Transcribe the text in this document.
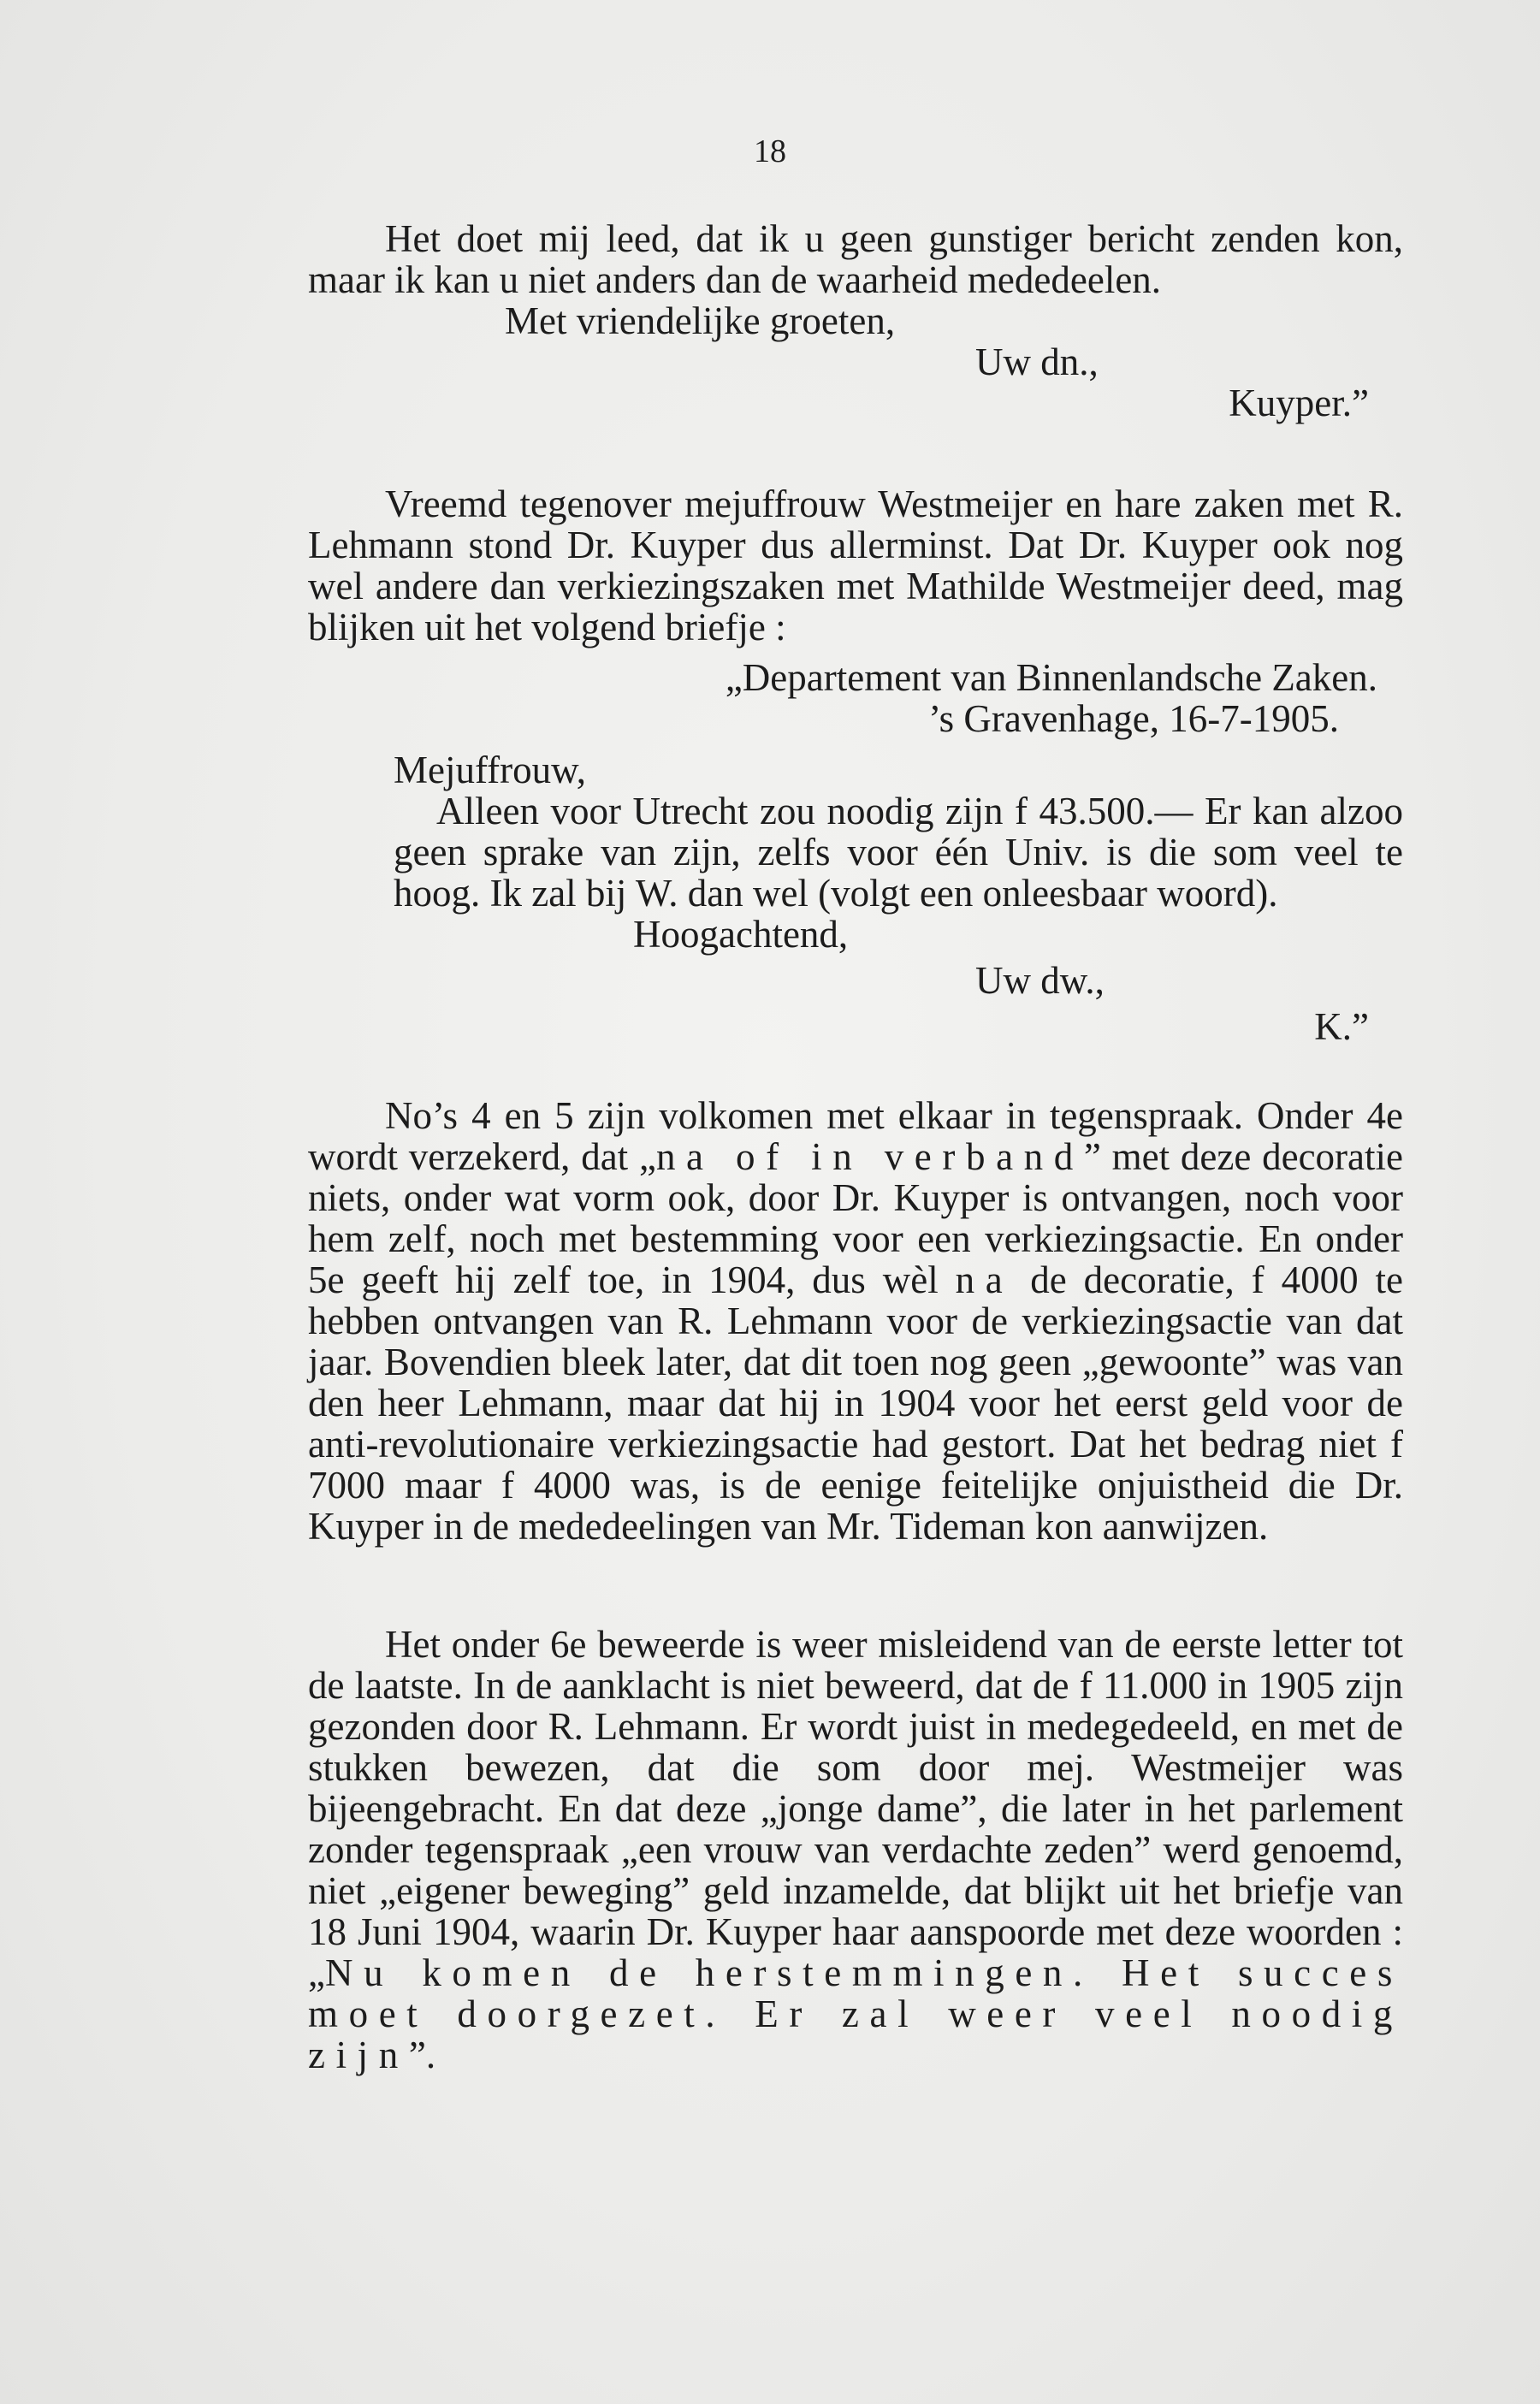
18

Het doet mij leed, dat ik u geen gunstiger bericht zenden kon, maar ik kan u niet anders dan de waarheid mededeelen.

Met vriendelijke groeten,
Uw dn.,
Kuyper.”

Vreemd tegenover mejuffrouw Westmeijer en hare zaken met R. Lehmann stond Dr. Kuyper dus allerminst. Dat Dr. Kuyper ook nog wel andere dan verkiezingszaken met Mathilde Westmeijer deed, mag blijken uit het volgend briefje :

„Departement van Binnenlandsche Zaken.
’s Gravenhage, 16-7-1905.
Mejuffrouw,

Alleen voor Utrecht zou noodig zijn f 43.500.— Er kan alzoo geen sprake van zijn, zelfs voor één Univ. is die som veel te hoog. Ik zal bij W. dan wel (volgt een onleesbaar woord).

Hoogachtend,
Uw dw.,
K.”

No’s 4 en 5 zijn volkomen met elkaar in tegenspraak. Onder 4e wordt verzekerd, dat „na of in verband” met deze decoratie niets, onder wat vorm ook, door Dr. Kuyper is ontvangen, noch voor hem zelf, noch met bestemming voor een verkiezingsactie. En onder 5e geeft hij zelf toe, in 1904, dus wèl na de decoratie, f 4000 te hebben ontvangen van R. Lehmann voor de verkiezingsactie van dat jaar. Bovendien bleek later, dat dit toen nog geen „gewoonte” was van den heer Lehmann, maar dat hij in 1904 voor het eerst geld voor de anti-revolutionaire verkiezingsactie had gestort. Dat het bedrag niet f 7000 maar f 4000 was, is de eenige feitelijke onjuistheid die Dr. Kuyper in de mededeelingen van Mr. Tideman kon aanwijzen.

Het onder 6e beweerde is weer misleidend van de eerste letter tot de laatste. In de aanklacht is niet beweerd, dat de f 11.000 in 1905 zijn gezonden door R. Lehmann. Er wordt juist in medegedeeld, en met de stukken bewezen, dat die som door mej. Westmeijer was bijeengebracht. En dat deze „jonge dame”, die later in het parlement zonder tegenspraak „een vrouw van verdachte zeden” werd genoemd, niet „eigener beweging” geld inzamelde, dat blijkt uit het briefje van 18 Juni 1904, waarin Dr. Kuyper haar aanspoorde met deze woorden : „Nu komen de herstemmingen. Het succes moet doorgezet. Er zal weer veel noodig zijn”.
